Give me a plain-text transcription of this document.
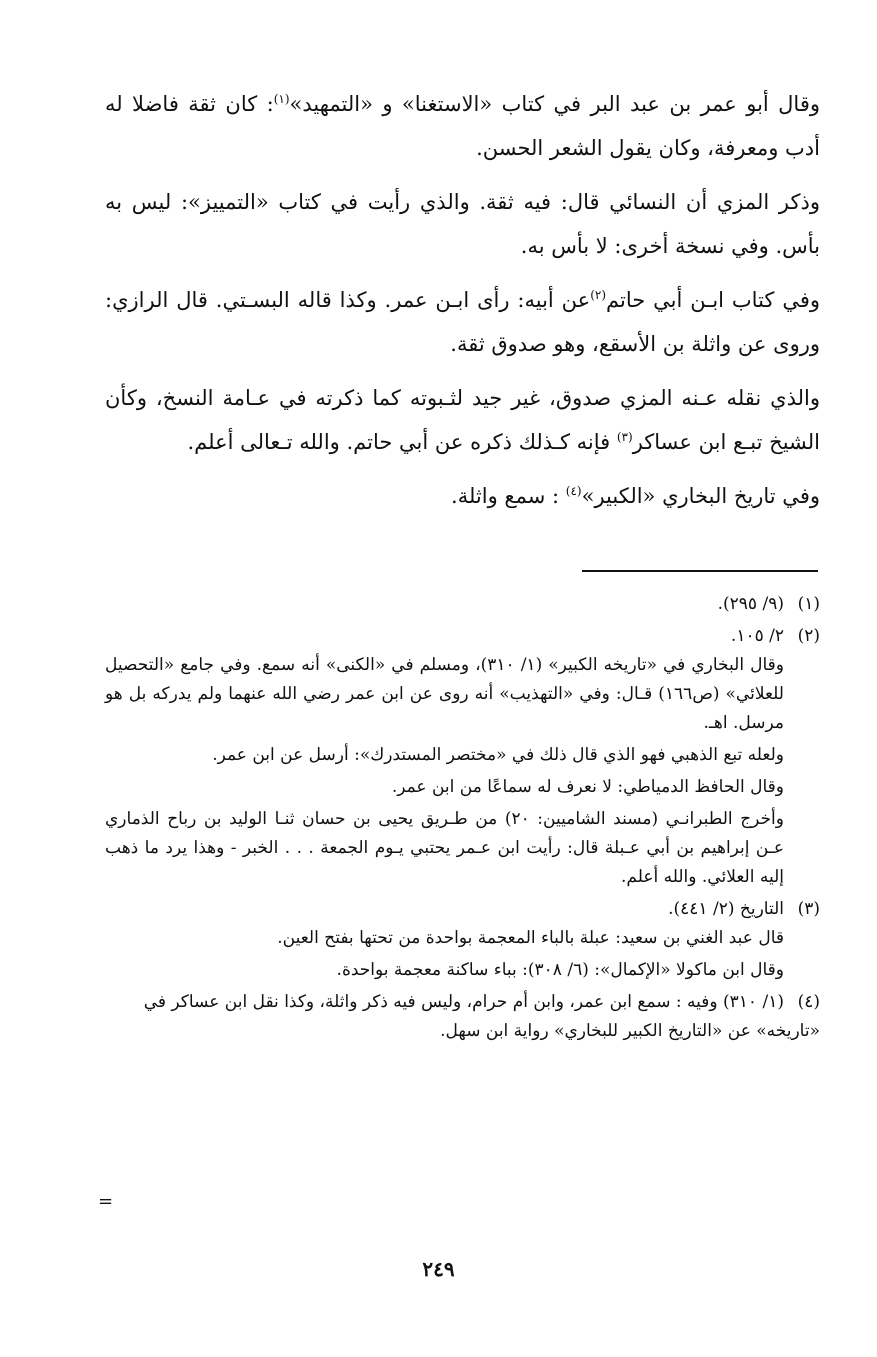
وقال أبو عمر بن عبد البر في كتاب «الاستغنا» و «التمهيد»$^{(١)}$: كان ثقة فاضلا له أدب ومعرفة، وكان يقول الشعر الحسن.

وذكر المزي أن النسائي قال: فيه ثقة. والذي رأيت في كتاب «التمييز»: ليس به بأس. وفي نسخة أخرى: لا بأس به.

وفي كتاب ابـن أبي حاتم$^{(٢)}$عن أبيه: رأى ابـن عمر. وكذا قاله البسـتي. قال الرازي: وروى عن واثلة بن الأسقع، وهو صدوق ثقة.

والذي نقله عـنه المزي صدوق، غير جيد لثـبوته كما ذكرته في عـامة النسخ، وكأن الشيخ تبـع ابن عساكر$^{(٣)}$ فإنه كـذلك ذكره عن أبي حاتم. والله تـعالى أعلم.

وفي تاريخ البخاري «الكبير»$^{(٤)}$ : سمع واثلة.

(١)(٩/ ٢٩٥).
(٢)٢/ ١٠٥.

وقال البخاري في «تاريخه الكبير» (١/ ٣١٠)، ومسلم في «الكنى» أنه سمع. وفي جامع «التحصيل للعلائي» (ص١٦٦) قـال: وفي «التهذيب» أنه روى عن ابن عمر رضي الله عنهما ولم يدركه بل هو مرسل. اهـ.

ولعله تبع الذهبي فهو الذي قال ذلك في «مختصر المستدرك»: أرسل عن ابن عمر.

وقال الحافظ الدمياطي: لا نعرف له سماعًا من ابن عمر.

وأخرج الطبرانـي (مسند الشاميين: ٢٠) من طـريق يحيى بن حسان ثنـا الوليد بن رباح الذماري عـن إبراهيم بن أبي عـبلة قال: رأيت ابن عـمر يحتبي يـوم الجمعة . . . الخبر - وهذا يرد ما ذهب إليه العلائي. والله أعلم.

(٣)التاريخ (٢/ ٤٤١).

قال عبد الغني بن سعيد: عبلة بالباء المعجمة بواحدة من تحتها بفتح العين.

وقال ابن ماكولا «الإكمال»: (٦/ ٣٠٨): بباء ساكنة معجمة بواحدة.

(٤)(١/ ٣١٠) وفيه : سمع ابن عمر، وابن أم حرام، وليس فيه ذكر واثلة، وكذا نقل ابن عساكر في «تاريخه» عن «التاريخ الكبير للبخاري» رواية ابن سهل.
=
٢٤٩
